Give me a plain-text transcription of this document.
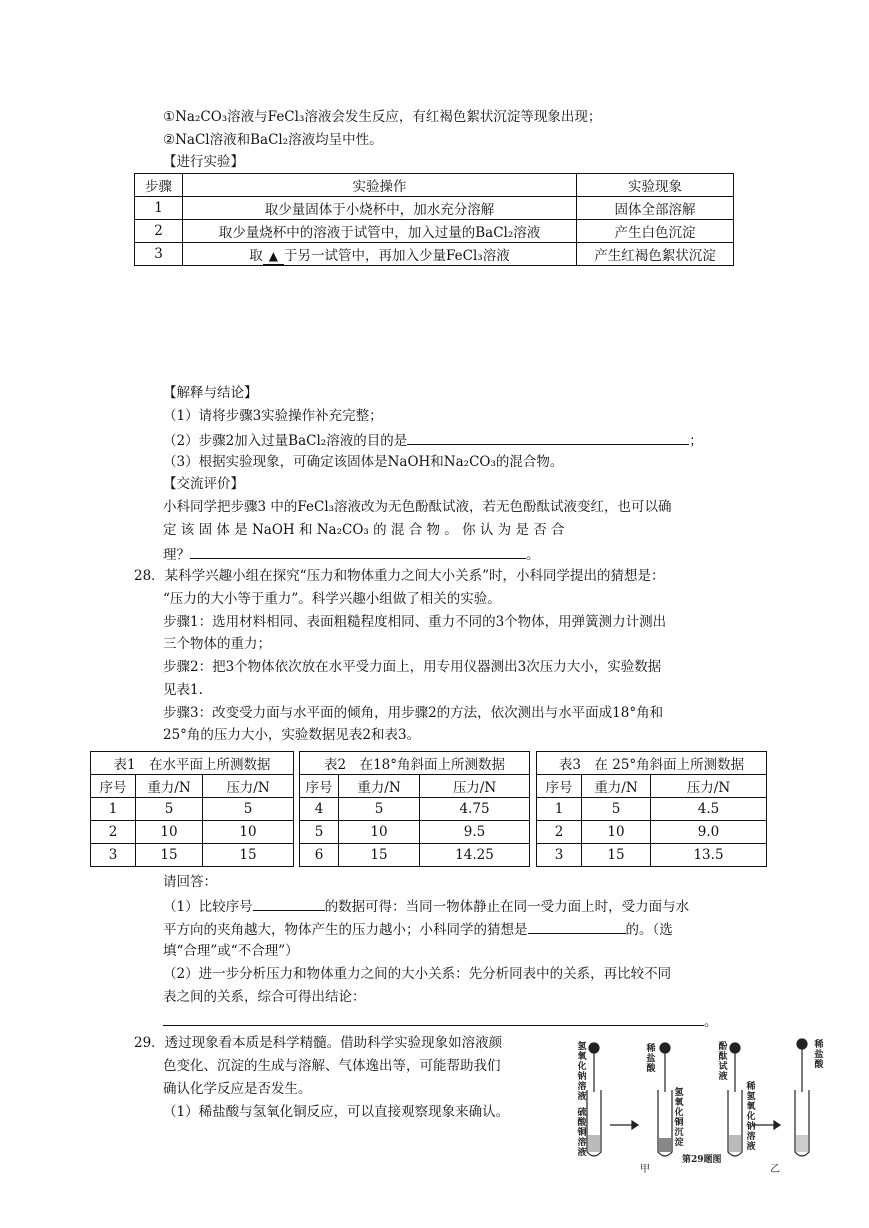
①Na₂CO₃溶液与FeCl₃溶液会发生反应，有红褐色絮状沉淀等现象出现；
②NaCl溶液和BaCl₂溶液均呈中性。
【进行实验】
步骤	实验操作	实验现象
1	取少量固体于小烧杯中，加水充分溶解	固体全部溶解
2	取少量烧杯中的溶液于试管中，加入过量的BaCl₂溶液	产生白色沉淀
3	取 ▲ 于另一试管中，再加入少量FeCl₃溶液	产生红褐色絮状沉淀
【解释与结论】
（1）请将步骤3实验操作补充完整；
（2）步骤2加入过量BaCl₂溶液的目的是	；
（3）根据实验现象，可确定该固体是NaOH和Na₂CO₃的混合物。
【交流评价】
小科同学把步骤3 中的FeCl₃溶液改为无色酚酞试液，若无色酚酞试液变红，也可以确
定 该 固 体 是 NaOH 和 Na₂CO₃ 的 混 合 物 。 你 认 为 是 否 合
理？	。
28．某科学兴趣小组在探究“压力和物体重力之间大小关系”时，小科同学提出的猜想是：
“压力的大小等于重力”。科学兴趣小组做了相关的实验。
步骤1：选用材料相同、表面粗糙程度相同、重力不同的3个物体，用弹簧测力计测出
三个物体的重力；
步骤2：把3个物体依次放在水平受力面上，用专用仪器测出3次压力大小，实验数据
见表1.
步骤3：改变受力面与水平面的倾角，用步骤2的方法，依次测出与水平面成18°角和
25°角的压力大小，实验数据见表2和表3。
表1　在水平面上所测数据		
序号	重力/N	压力/N
1	5	5
2	10	10
3	15	15
表2　在18°角斜面上所测数据		
序号	重力/N	压力/N
4	5	4.75
5	10	9.5
6	15	14.25
表3　在 25°角斜面上所测数据		
序号	重力/N	压力/N
1	5	4.5
2	10	9.0
3	15	13.5
请回答：
（1）比较序号	的数据可得：当同一物体静止在同一受力面上时，受力面与水
平方向的夹角越大，物体产生的压力越小；小科同学的猜想是	的。（选
填“合理”或“不合理”）
（2）进一步分析压力和物体重力之间的大小关系：先分析同表中的关系，再比较不同
表之间的关系，综合可得出结论：
。
29．透过现象看本质是科学精髓。借助科学实验现象如溶液颜
色变化、沉淀的生成与溶解、气体逸出等，可能帮助我们
确认化学反应是否发生。
（1）稀盐酸与氢氧化铜反应，可以直接观察现象来确认。
氢氧化钠溶液
硫酸铜溶液
稀盐酸
氢氧化铜沉淀
酚酞试液
稀氢氧化钠溶液
稀盐酸
甲	乙
第29题图
